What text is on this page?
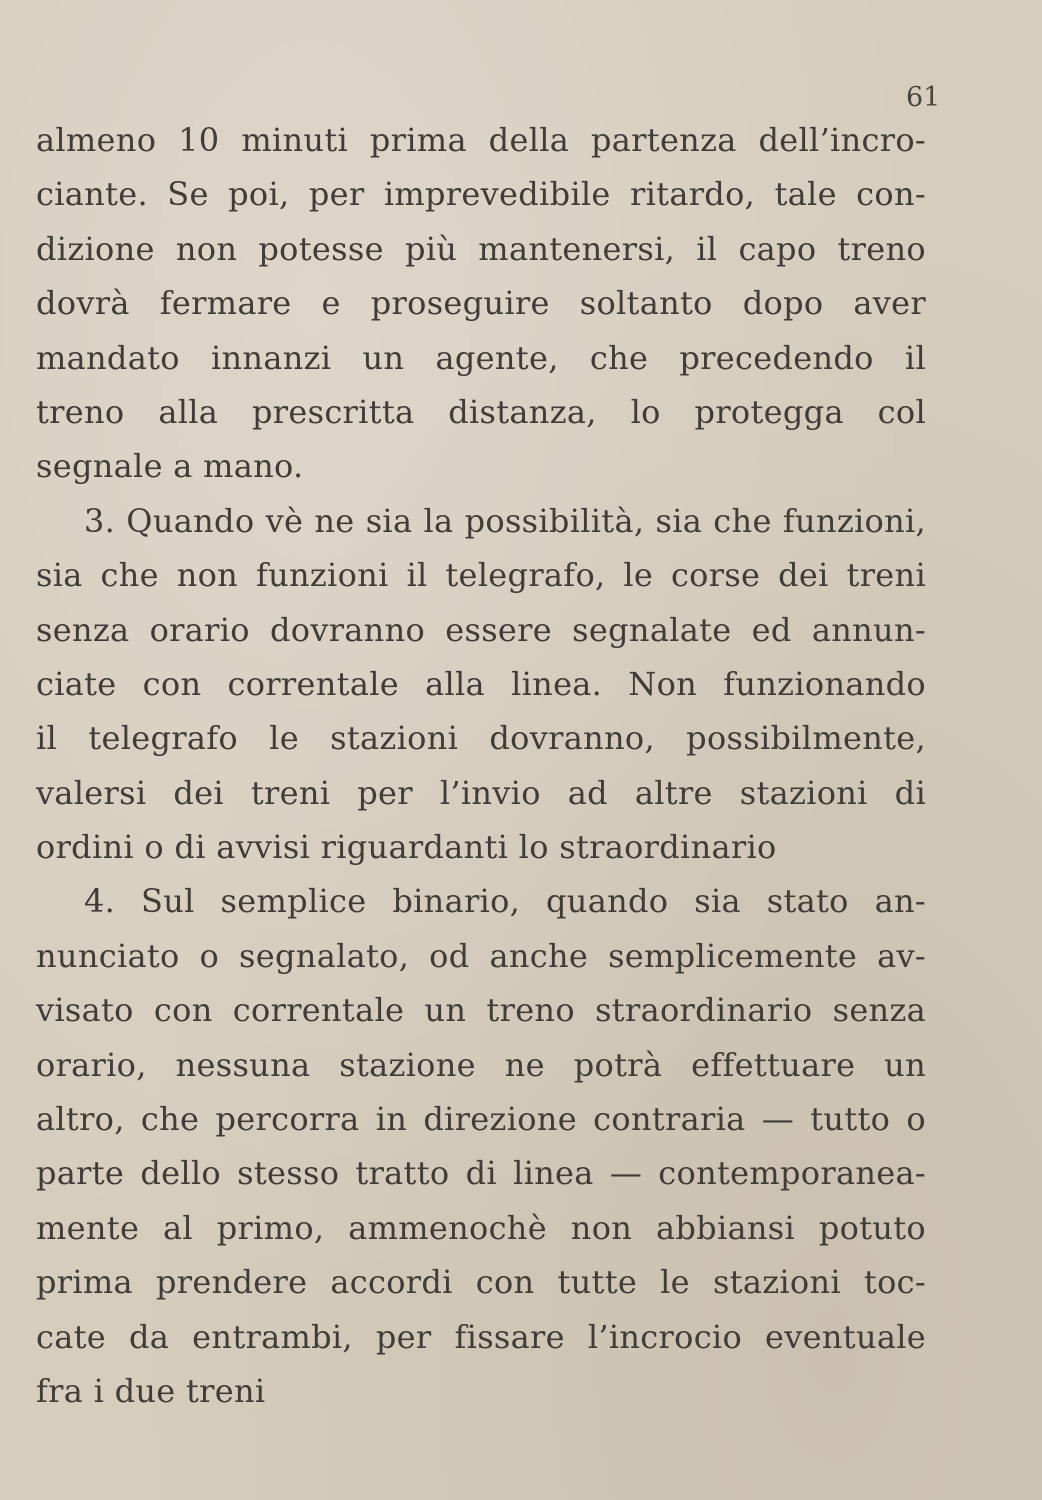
61
almeno 10 minuti prima della partenza dell’incro-
ciante. Se poi, per imprevedibile ritardo, tale con-
dizione non potesse più mantenersi, il capo treno
dovrà fermare e proseguire soltanto dopo aver
mandato innanzi un agente, che precedendo il
treno alla prescritta distanza, lo protegga col
segnale a mano.
3. Quando vè ne sia la possibilità, sia che funzioni,
sia che non funzioni il telegrafo, le corse dei treni
senza orario dovranno essere segnalate ed annun-
ciate con correntale alla linea. Non funzionando
il telegrafo le stazioni dovranno, possibilmente,
valersi dei treni per l’invio ad altre stazioni di
ordini o di avvisi riguardanti lo straordinario
4. Sul semplice binario, quando sia stato an-
nunciato o segnalato, od anche semplicemente av-
visato con correntale un treno straordinario senza
orario, nessuna stazione ne potrà effettuare un
altro, che percorra in direzione contraria — tutto o
parte dello stesso tratto di linea — contemporanea-
mente al primo, ammenochè non abbiansi potuto
prima prendere accordi con tutte le stazioni toc-
cate da entrambi, per fissare l’incrocio eventuale
fra i due treni
